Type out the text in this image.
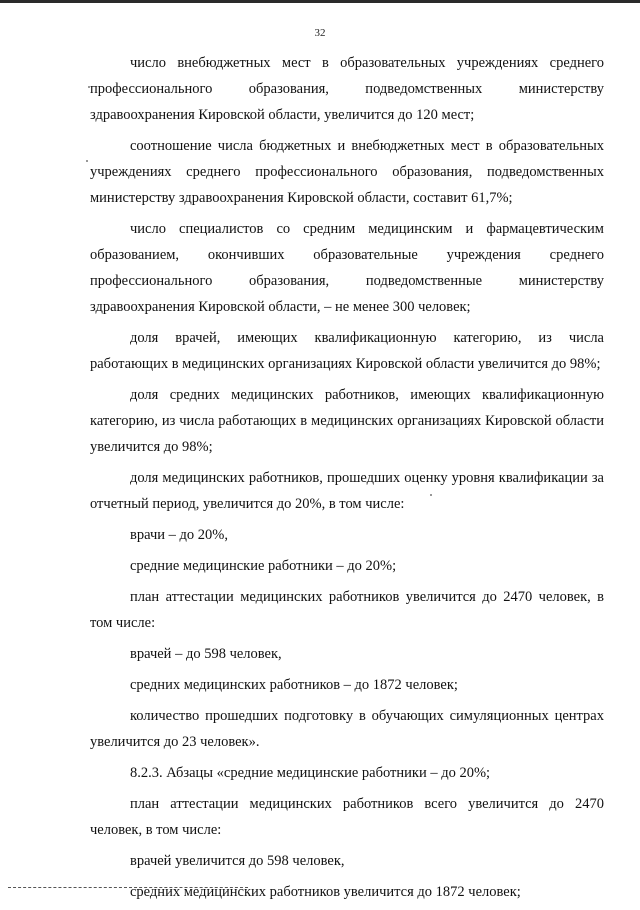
32

число внебюджетных мест в образовательных учреждениях среднего профессионального образования, подведомственных министерству здравоохранения Кировской области, увеличится до 120 мест;

соотношение числа бюджетных и внебюджетных мест в образовательных учреждениях среднего профессионального образования, подведомственных министерству здравоохранения Кировской области, составит 61,7%;

число специалистов со средним медицинским и фармацевтическим образованием, окончивших образовательные учреждения среднего профессионального образования, подведомственные министерству здравоохранения Кировской области, – не менее 300 человек;

доля врачей, имеющих квалификационную категорию, из числа работающих в медицинских организациях Кировской области увеличится до 98%;

доля средних медицинских работников, имеющих квалификационную категорию, из числа работающих в медицинских организациях Кировской области увеличится до 98%;

доля медицинских работников, прошедших оценку уровня квалификации за отчетный период, увеличится до 20%, в том числе:

врачи – до 20%,

средние медицинские работники – до 20%;

план аттестации медицинских работников увеличится до 2470 человек, в том числе:

врачей – до 598 человек,

средних медицинских работников – до 1872 человек;

количество прошедших подготовку в обучающих симуляционных центрах увеличится до 23 человек».

8.2.3. Абзацы «средние медицинские работники – до 20%;

план аттестации медицинских работников всего увеличится до 2470 человек, в том числе:

врачей увеличится до 598 человек,

средних медицинских работников увеличится до 1872 человек;
